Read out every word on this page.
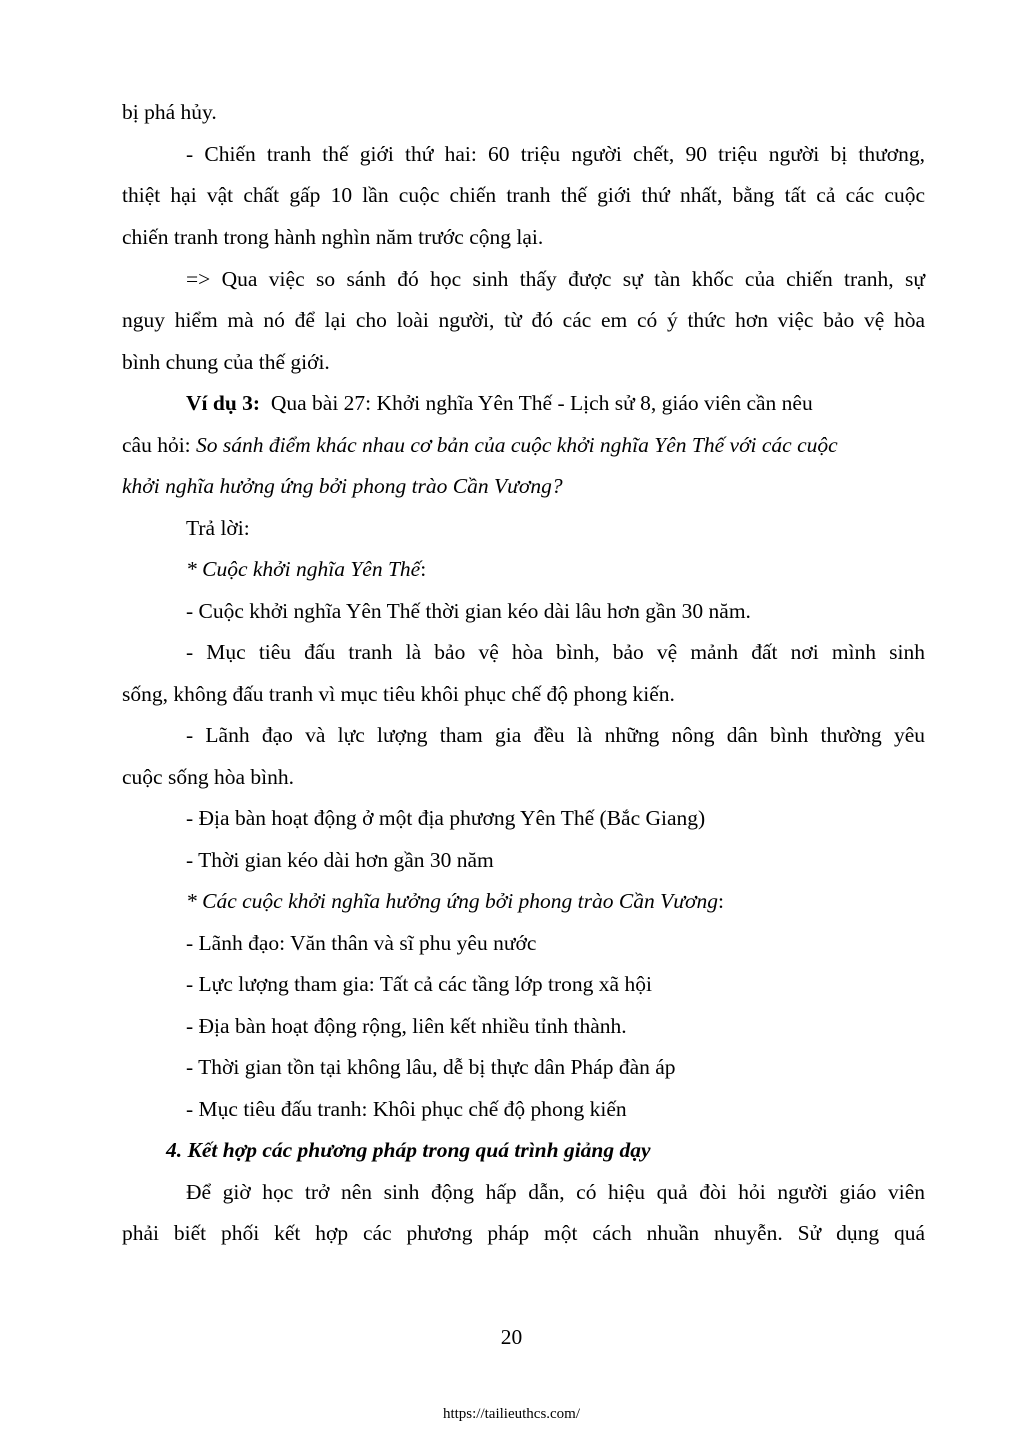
bị phá hủy.

- Chiến tranh thế giới thứ hai: 60 triệu người chết, 90 triệu người bị thương,

thiệt hại vật chất gấp 10 lần cuộc chiến tranh thế giới thứ nhất, bằng tất cả các cuộc

chiến tranh trong hành nghìn năm trước cộng lại.

=> Qua việc so sánh đó học sinh thấy được sự tàn khốc của chiến tranh, sự

nguy hiểm mà nó để lại cho loài người, từ đó các em có ý thức hơn việc bảo vệ hòa

bình chung của thế giới.

Ví dụ 3:  Qua bài 27: Khởi nghĩa Yên Thế - Lịch sử 8, giáo viên cần nêu

câu hỏi: So sánh điểm khác nhau cơ bản của cuộc khởi nghĩa Yên Thế với các cuộc

khởi nghĩa hưởng ứng bởi phong trào Cần Vương?

Trả lời:

* Cuộc khởi nghĩa Yên Thế:

- Cuộc khởi nghĩa Yên Thế thời gian kéo dài lâu hơn gần 30 năm.

- Mục tiêu đấu tranh là bảo vệ hòa bình, bảo vệ mảnh đất nơi mình sinh

sống, không đấu tranh vì mục tiêu khôi phục chế độ phong kiến.

- Lãnh đạo và lực lượng tham gia đều là những nông dân bình thường yêu

cuộc sống hòa bình.

- Địa bàn hoạt động ở một địa phương Yên Thế (Bắc Giang)

- Thời gian kéo dài hơn gần 30 năm

* Các cuộc khởi nghĩa hưởng ứng bởi phong trào Cần Vương:

- Lãnh đạo: Văn thân và sĩ phu yêu nước

- Lực lượng tham gia: Tất cả các tầng lớp trong xã hội

- Địa bàn hoạt động rộng, liên kết nhiều tỉnh thành.

- Thời gian tồn tại không lâu, dễ bị thực dân Pháp đàn áp

- Mục tiêu đấu tranh: Khôi phục chế độ phong kiến

4. Kết hợp các phương pháp trong quá trình giảng dạy

Để giờ học trở nên sinh động hấp dẫn, có hiệu quả đòi hỏi người giáo viên

phải biết phối kết hợp các phương pháp một cách nhuần nhuyễn. Sử dụng quá

20
https://tailieuthcs.com/
